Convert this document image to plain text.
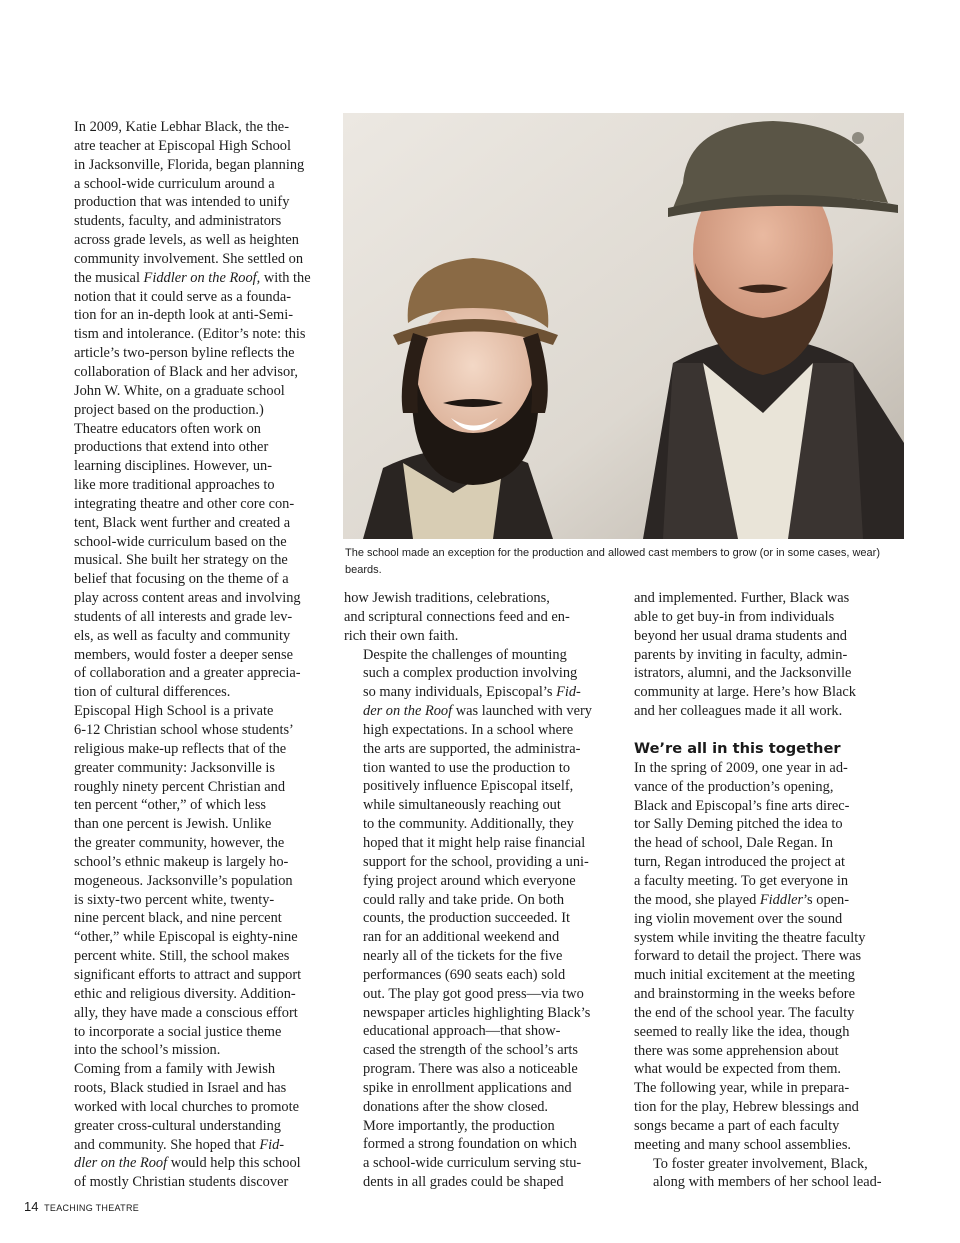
In 2009, Katie Lebhar Black, the the-
atre teacher at Episcopal High School
in Jacksonville, Florida, began planning
a school-wide curriculum around a
production that was intended to unify
students, faculty, and administrators
across grade levels, as well as heighten
community involvement. She settled on
the musical Fiddler on the Roof, with the
notion that it could serve as a founda-
tion for an in-depth look at anti-Semi-
tism and intolerance. (Editor’s note: this
article’s two-person byline reflects the
collaboration of Black and her advisor,
John W. White, on a graduate school
project based on the production.)

Theatre educators often work on
productions that extend into other
learning disciplines. However, un-
like more traditional approaches to
integrating theatre and other core con-
tent, Black went further and created a
school-wide curriculum based on the
musical. She built her strategy on the
belief that focusing on the theme of a
play across content areas and involving
students of all interests and grade lev-
els, as well as faculty and community
members, would foster a deeper sense
of collaboration and a greater apprecia-
tion of cultural differences.

Episcopal High School is a private
6-12 Christian school whose students’
religious make-up reflects that of the
greater community: Jacksonville is
roughly ninety percent Christian and
ten percent “other,” of which less
than one percent is Jewish. Unlike
the greater community, however, the
school’s ethnic makeup is largely ho-
mogeneous. Jacksonville’s population
is sixty-two percent white, twenty-
nine percent black, and nine percent
“other,” while Episcopal is eighty-nine
percent white. Still, the school makes
significant efforts to attract and support
ethic and religious diversity. Addition-
ally, they have made a conscious effort
to incorporate a social justice theme
into the school’s mission.

Coming from a family with Jewish
roots, Black studied in Israel and has
worked with local churches to promote
greater cross-cultural understanding
and community. She hoped that Fid-
dler on the Roof would help this school
of mostly Christian students discover

The school made an exception for the production and allowed cast members to grow (or in some cases, wear)
beards.

how Jewish traditions, celebrations,
and scriptural connections feed and en-
rich their own faith.

Despite the challenges of mounting
such a complex production involving
so many individuals, Episcopal’s Fid-
der on the Roof was launched with very
high expectations. In a school where
the arts are supported, the administra-
tion wanted to use the production to
positively influence Episcopal itself,
while simultaneously reaching out
to the community. Additionally, they
hoped that it might help raise financial
support for the school, providing a uni-
fying project around which everyone
could rally and take pride. On both
counts, the production succeeded. It
ran for an additional weekend and
nearly all of the tickets for the five
performances (690 seats each) sold
out. The play got good press—via two
newspaper articles highlighting Black’s
educational approach—that show-
cased the strength of the school’s arts
program. There was also a noticeable
spike in enrollment applications and
donations after the show closed.

More importantly, the production
formed a strong foundation on which
a school-wide curriculum serving stu-
dents in all grades could be shaped

and implemented. Further, Black was
able to get buy-in from individuals
beyond her usual drama students and
parents by inviting in faculty, admin-
istrators, alumni, and the Jacksonville
community at large. Here’s how Black
and her colleagues made it all work.

We’re all in this together

In the spring of 2009, one year in ad-
vance of the production’s opening,
Black and Episcopal’s fine arts direc-
tor Sally Deming pitched the idea to
the head of school, Dale Regan. In
turn, Regan introduced the project at
a faculty meeting. To get everyone in
the mood, she played Fiddler’s open-
ing violin movement over the sound
system while inviting the theatre faculty
forward to detail the project. There was
much initial excitement at the meeting
and brainstorming in the weeks before
the end of the school year. The faculty
seemed to really like the idea, though
there was some apprehension about
what would be expected from them.
The following year, while in prepara-
tion for the play, Hebrew blessings and
songs became a part of each faculty
meeting and many school assemblies.

To foster greater involvement, Black,
along with members of her school lead-

14 TEACHING THEATRE
